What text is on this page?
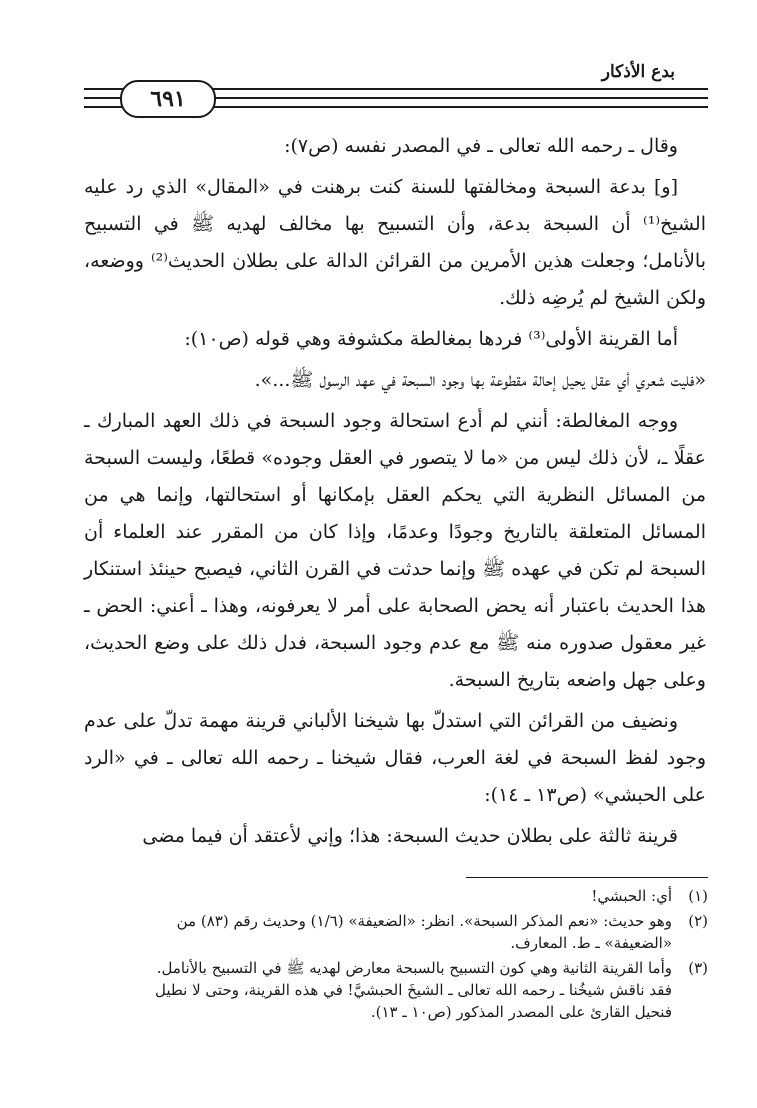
بدع الأذكار
٦٩١

وقال ـ رحمه الله تعالى ـ في المصدر نفسه (ص٧):

[و] بدعة السبحة ومخالفتها للسنة كنت برهنت في «المقال» الذي رد عليه الشيخ⁽¹⁾ أن السبحة بدعة، وأن التسبيح بها مخالف لهديه ﷺ في التسبيح بالأنامل؛ وجعلت هذين الأمرين من القرائن الدالة على بطلان الحديث⁽²⁾ ووضعه، ولكن الشيخ لم يُرضِه ذلك.

أما القرينة الأولى⁽³⁾ فردها بمغالطة مكشوفة وهي قوله (ص١٠):

«فليت شعري أي عقل يحيل إحالة مقطوعة بها وجود السبحة في عهد الرسول ﷺ...».

ووجه المغالطة: أنني لم أدع استحالة وجود السبحة في ذلك العهد المبارك ـ عقلًا ـ، لأن ذلك ليس من «ما لا يتصور في العقل وجوده» قطعًا، وليست السبحة من المسائل النظرية التي يحكم العقل بإمكانها أو استحالتها، وإنما هي من المسائل المتعلقة بالتاريخ وجودًا وعدمًا، وإذا كان من المقرر عند العلماء أن السبحة لم تكن في عهده ﷺ وإنما حدثت في القرن الثاني، فيصبح حينئذ استنكار هذا الحديث باعتبار أنه يحض الصحابة على أمر لا يعرفونه، وهذا ـ أعني: الحض ـ غير معقول صدوره منه ﷺ مع عدم وجود السبحة، فدل ذلك على وضع الحديث، وعلى جهل واضعه بتاريخ السبحة.

ونضيف من القرائن التي استدلّ بها شيخنا الألباني قرينة مهمة تدلّ على عدم وجود لفظ السبحة في لغة العرب، فقال شيخنا ـ رحمه الله تعالى ـ في «الرد على الحبشي» (ص١٣ ـ ١٤):

قرينة ثالثة على بطلان حديث السبحة: هذا؛ وإني لأعتقد أن فيما مضى

(١)
أي: الحبشي!
(٢)
وهو حديث: «نعم المذكر السبحة». انظر: «الضعيفة» (١/٦) وحديث رقم (٨٣) من
«الضعيفة» ـ ط. المعارف.
(٣)
وأما القرينة الثانية وهي كون التسبيح بالسبحة معارض لهديه ﷺ في التسبيح بالأنامل.
فقد ناقش شيخُنا ـ رحمه الله تعالى ـ الشيخَ الحبشيَّ! في هذه القرينة، وحتى لا نطيل
فنحيل القارئ على المصدر المذكور (ص١٠ ـ ١٣).
